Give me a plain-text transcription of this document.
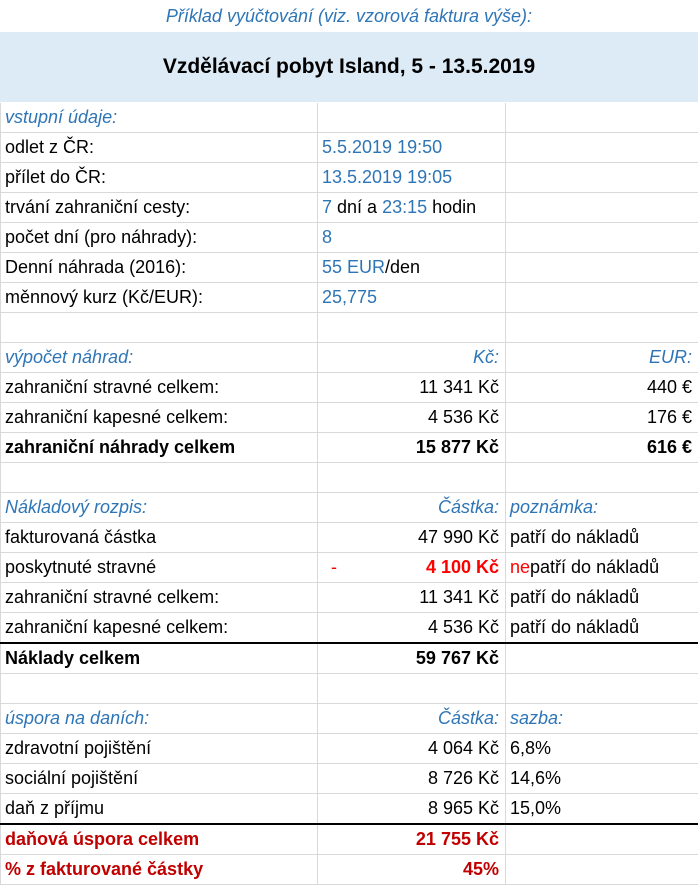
Příklad vyúčtování (viz. vzorová faktura výše):
Vzdělávací pobyt Island, 5 - 13.5.2019
vstupní údaje:		
odlet z ČR:	5.5.2019 19:50	
přílet do ČR:	13.5.2019 19:05	
trvání zahraniční cesty:	7 dní a 23:15 hodin	
počet dní (pro náhrady):	8	
Denní náhrada (2016):	55 EUR/den	
měnnový kurz (Kč/EUR):	25,775	

výpočet náhrad:	Kč:	EUR:
zahraniční stravné celkem:	11 341 Kč	440 €
zahraniční kapesné celkem:	4 536 Kč	176 €
zahraniční náhrady celkem	15 877 Kč	616 €

Nákladový rozpis:	Částka:	poznámka:
fakturovaná částka	47 990 Kč	patří do nákladů
poskytnuté stravné	- 4 100 Kč	nepatří do nákladů
zahraniční stravné celkem:	11 341 Kč	patří do nákladů
zahraniční kapesné celkem:	4 536 Kč	patří do nákladů
Náklady celkem	59 767 Kč	

úspora na daních:	Částka:	sazba:
zdravotní pojištění	4 064 Kč	6,8%
sociální pojištění	8 726 Kč	14,6%
daň z příjmu	8 965 Kč	15,0%
daňová úspora celkem	21 755 Kč	
% z fakturované částky	45%	
